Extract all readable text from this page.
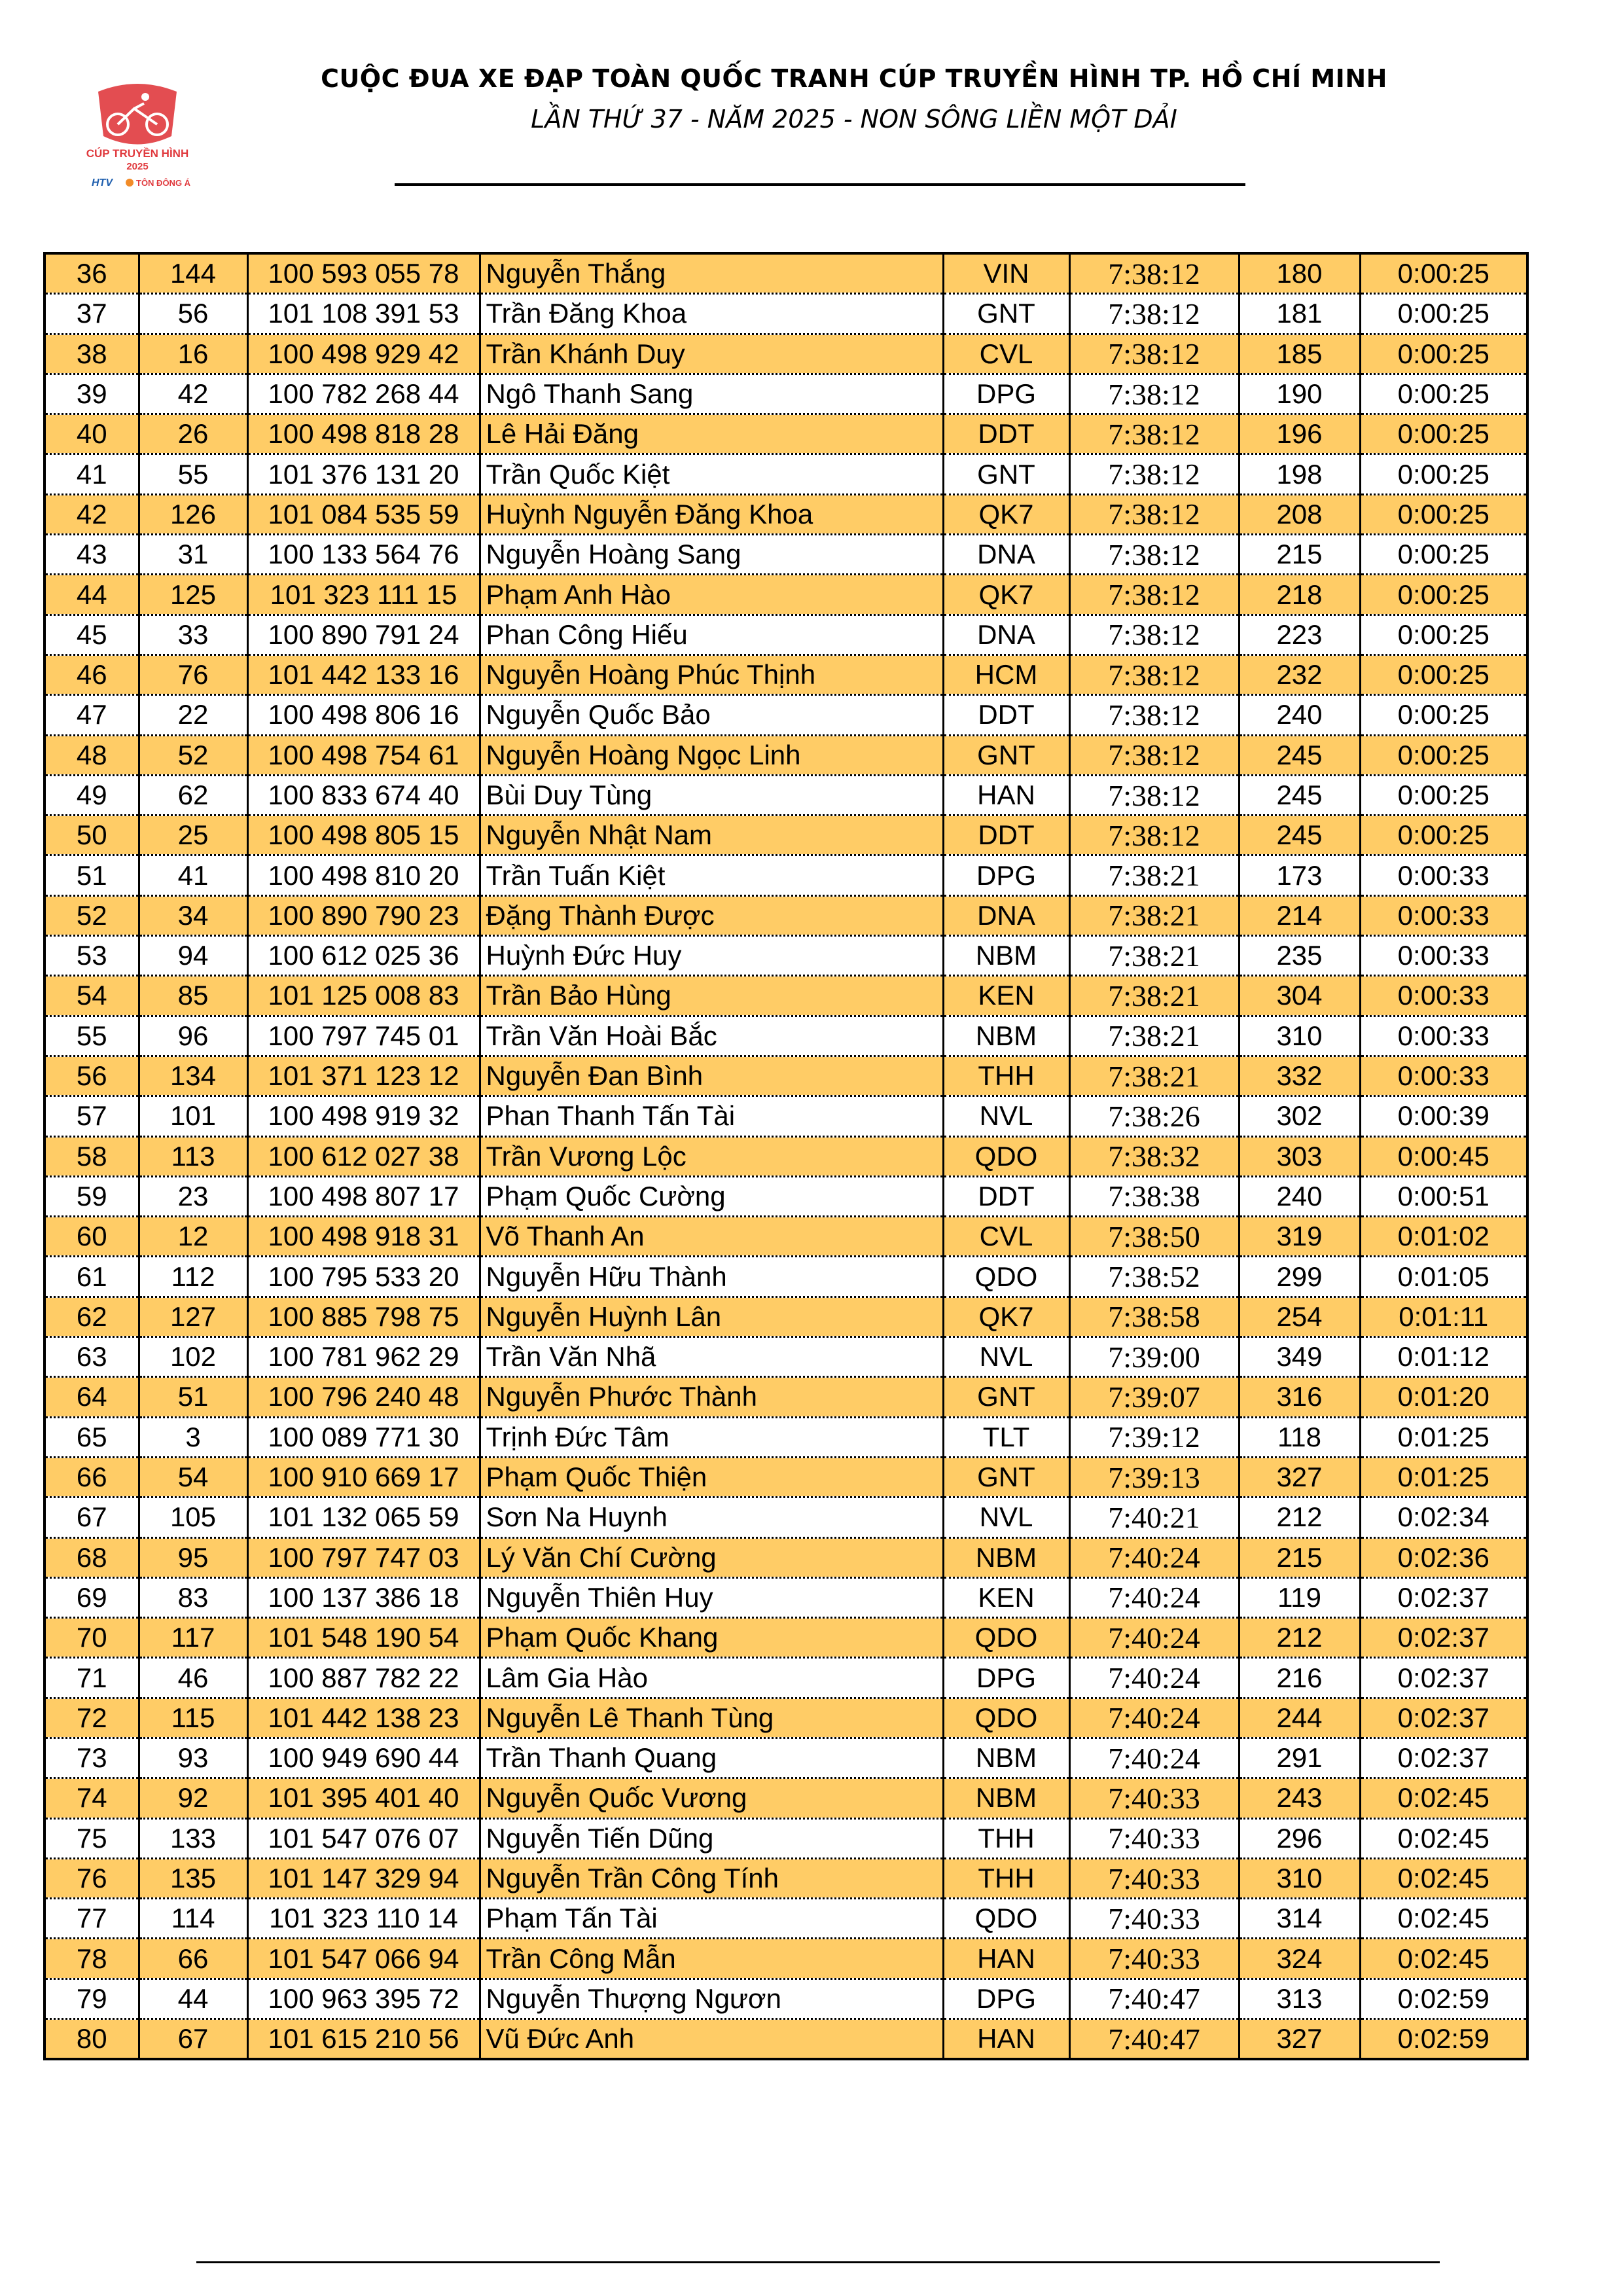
CÚP TRUYỀN HÌNH
2025
HTV	TÔN ĐÔNG Á
CUỘC ĐUA XE ĐẠP TOÀN QUỐC TRANH CÚP TRUYỀN HÌNH TP. HỒ CHÍ MINH
LẦN THỨ 37 - NĂM 2025 - NON SÔNG LIỀN MỘT DẢI
36	144	100 593 055 78	Nguyễn Thắng	VIN	7:38:12	180	0:00:25
37	56	101 108 391 53	Trần Đăng Khoa	GNT	7:38:12	181	0:00:25
38	16	100 498 929 42	Trần Khánh Duy	CVL	7:38:12	185	0:00:25
39	42	100 782 268 44	Ngô Thanh Sang	DPG	7:38:12	190	0:00:25
40	26	100 498 818 28	Lê Hải Đăng	DDT	7:38:12	196	0:00:25
41	55	101 376 131 20	Trần Quốc Kiệt	GNT	7:38:12	198	0:00:25
42	126	101 084 535 59	Huỳnh Nguyễn Đăng Khoa	QK7	7:38:12	208	0:00:25
43	31	100 133 564 76	Nguyễn Hoàng Sang	DNA	7:38:12	215	0:00:25
44	125	101 323 111 15	Phạm Anh Hào	QK7	7:38:12	218	0:00:25
45	33	100 890 791 24	Phan Công Hiếu	DNA	7:38:12	223	0:00:25
46	76	101 442 133 16	Nguyễn Hoàng Phúc Thịnh	HCM	7:38:12	232	0:00:25
47	22	100 498 806 16	Nguyễn Quốc Bảo	DDT	7:38:12	240	0:00:25
48	52	100 498 754 61	Nguyễn Hoàng Ngọc Linh	GNT	7:38:12	245	0:00:25
49	62	100 833 674 40	Bùi Duy Tùng	HAN	7:38:12	245	0:00:25
50	25	100 498 805 15	Nguyễn Nhật Nam	DDT	7:38:12	245	0:00:25
51	41	100 498 810 20	Trần Tuấn Kiệt	DPG	7:38:21	173	0:00:33
52	34	100 890 790 23	Đặng Thành Được	DNA	7:38:21	214	0:00:33
53	94	100 612 025 36	Huỳnh Đức Huy	NBM	7:38:21	235	0:00:33
54	85	101 125 008 83	Trần Bảo Hùng	KEN	7:38:21	304	0:00:33
55	96	100 797 745 01	Trần Văn Hoài Bắc	NBM	7:38:21	310	0:00:33
56	134	101 371 123 12	Nguyễn Đan Bình	THH	7:38:21	332	0:00:33
57	101	100 498 919 32	Phan Thanh Tấn Tài	NVL	7:38:26	302	0:00:39
58	113	100 612 027 38	Trần Vương Lộc	QDO	7:38:32	303	0:00:45
59	23	100 498 807 17	Phạm Quốc Cường	DDT	7:38:38	240	0:00:51
60	12	100 498 918 31	Võ Thanh An	CVL	7:38:50	319	0:01:02
61	112	100 795 533 20	Nguyễn Hữu Thành	QDO	7:38:52	299	0:01:05
62	127	100 885 798 75	Nguyễn Huỳnh Lân	QK7	7:38:58	254	0:01:11
63	102	100 781 962 29	Trần Văn Nhã	NVL	7:39:00	349	0:01:12
64	51	100 796 240 48	Nguyễn Phước Thành	GNT	7:39:07	316	0:01:20
65	3	100 089 771 30	Trịnh Đức Tâm	TLT	7:39:12	118	0:01:25
66	54	100 910 669 17	Phạm Quốc Thiện	GNT	7:39:13	327	0:01:25
67	105	101 132 065 59	Sơn Na Huynh	NVL	7:40:21	212	0:02:34
68	95	100 797 747 03	Lý Văn Chí Cường	NBM	7:40:24	215	0:02:36
69	83	100 137 386 18	Nguyễn Thiên Huy	KEN	7:40:24	119	0:02:37
70	117	101 548 190 54	Phạm Quốc Khang	QDO	7:40:24	212	0:02:37
71	46	100 887 782 22	Lâm Gia Hào	DPG	7:40:24	216	0:02:37
72	115	101 442 138 23	Nguyễn Lê Thanh Tùng	QDO	7:40:24	244	0:02:37
73	93	100 949 690 44	Trần Thanh Quang	NBM	7:40:24	291	0:02:37
74	92	101 395 401 40	Nguyễn Quốc Vương	NBM	7:40:33	243	0:02:45
75	133	101 547 076 07	Nguyễn Tiến Dũng	THH	7:40:33	296	0:02:45
76	135	101 147 329 94	Nguyễn Trần Công Tính	THH	7:40:33	310	0:02:45
77	114	101 323 110 14	Phạm Tấn Tài	QDO	7:40:33	314	0:02:45
78	66	101 547 066 94	Trần Công Mẫn	HAN	7:40:33	324	0:02:45
79	44	100 963 395 72	Nguyễn Thượng Ngươn	DPG	7:40:47	313	0:02:59
80	67	101 615 210 56	Vũ Đức Anh	HAN	7:40:47	327	0:02:59
